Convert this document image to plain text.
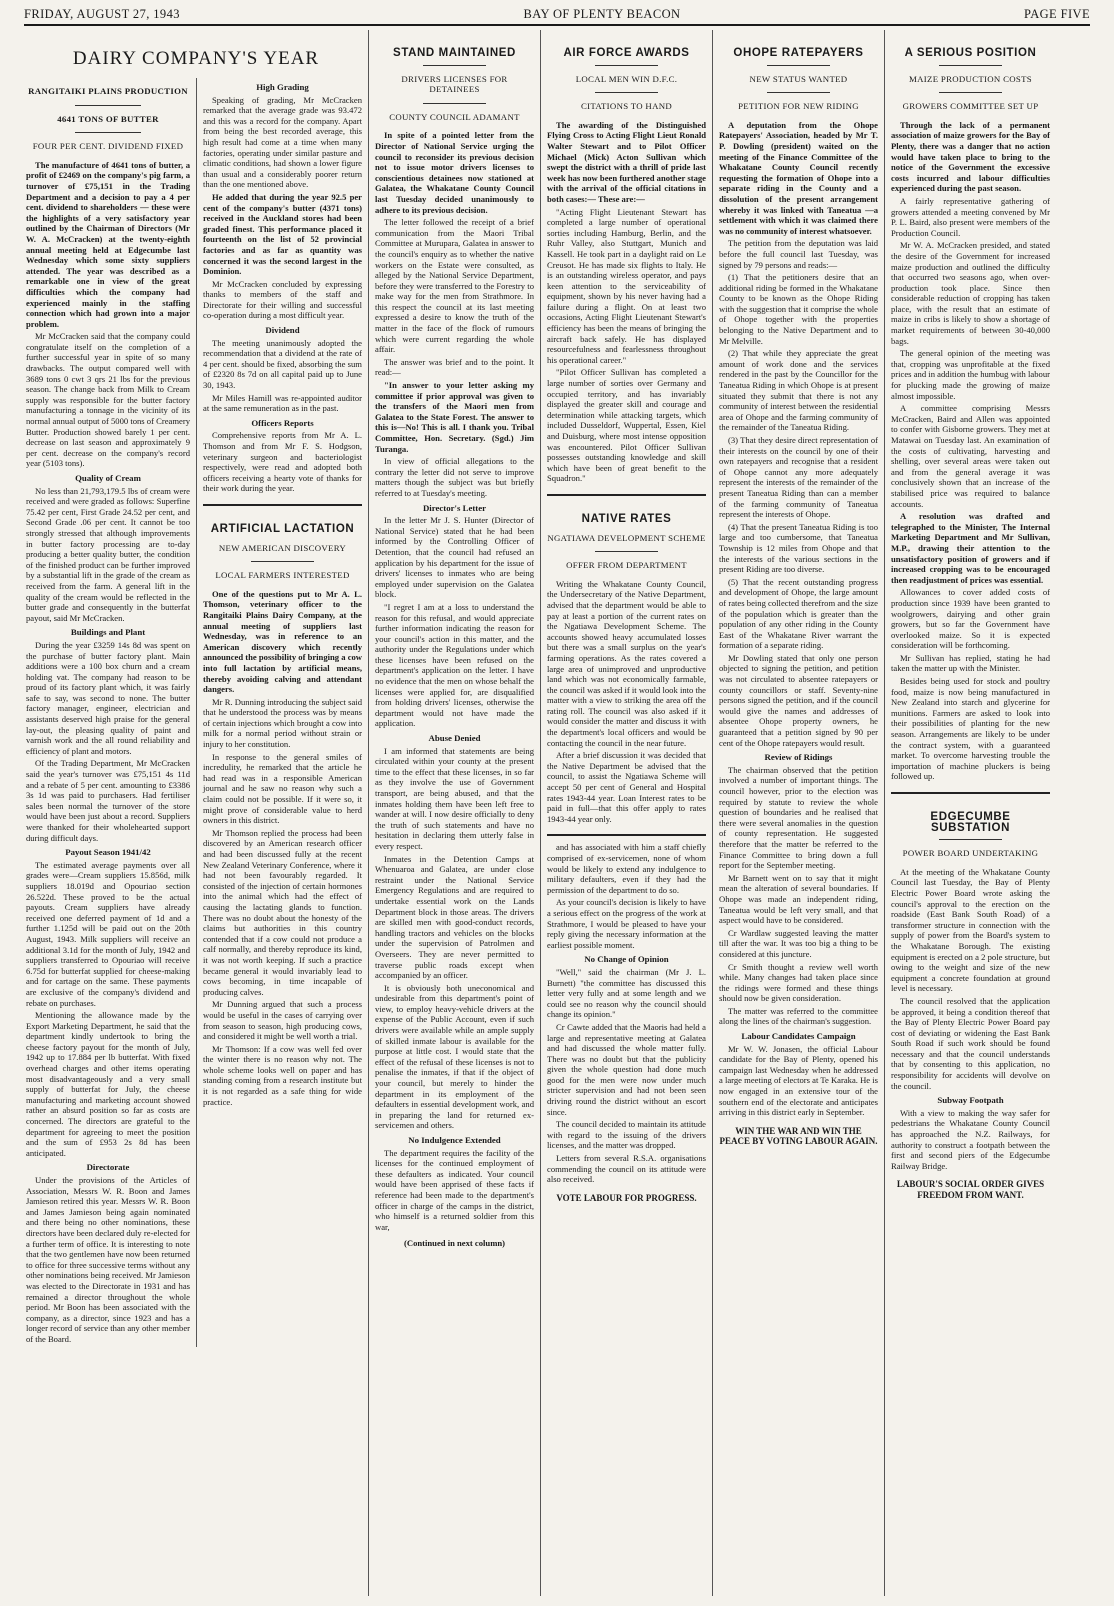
FRIDAY, AUGUST 27, 1943	BAY OF PLENTY BEACON	PAGE FIVE
DAIRY COMPANY'S YEAR
RANGITAIKI PLAINS PRODUCTION
4641 TONS OF BUTTER
FOUR PER CENT. DIVIDEND FIXED

The manufacture of 4641 tons of butter, a profit of £2469 on the company's pig farm, a turnover of £75,151 in the Trading Department and a decision to pay a 4 per cent. dividend to shareholders — these were the highlights of a very satisfactory year outlined by the Chairman of Directors (Mr W. A. McCracken) at the twenty-eighth annual meeting held at Edgecumbe last Wednesday which some sixty suppliers attended. The year was described as a remarkable one in view of the great difficulties which the company had experienced mainly in the staffing connection which had grown into a major problem.

Mr McCracken said that the company could congratulate itself on the completion of a further successful year in spite of so many drawbacks. The output compared well with 3689 tons 0 cwt 3 qrs 21 lbs for the previous season. The change back from Milk to Cream supply was responsible for the butter factory manufacturing a tonnage in the vicinity of its normal annual output of 5000 tons of Creamery Butter. Production showed barely 1 per cent. decrease on last season and approximately 9 per cent. decrease on the company's record year (5103 tons).

Quality of Cream

No less than 21,793,179.5 lbs of cream were received and were graded as follows: Superfine 75.42 per cent, First Grade 24.52 per cent, and Second Grade .06 per cent. It cannot be too strongly stressed that although improvements in butter factory processing are to-day producing a better quality butter, the condition of the finished product can be further improved by a substantial lift in the grade of the cream as received from the farm. A general lift in the quality of the cream would be reflected in the butter grade and consequently in the butterfat payout, said Mr McCracken.

Buildings and Plant

During the year £3259 14s 8d was spent on the purchase of butter factory plant. Main additions were a 100 box churn and a cream holding vat. The company had reason to be proud of its factory plant which, it was fairly safe to say, was second to none. The butter factory manager, engineer, electrician and assistants deserved high praise for the general lay-out, the pleasing quality of paint and varnish work and the all round reliability and efficiency of plant and motors.

Of the Trading Department, Mr McCracken said the year's turnover was £75,151 4s 11d and a rebate of 5 per cent. amounting to £3386 3s 1d was paid to purchasers. Had fertiliser sales been normal the turnover of the store would have been just about a record. Suppliers were thanked for their wholehearted support during difficult days.

Payout Season 1941/42

The estimated average payments over all grades were—Cream suppliers 15.856d, milk suppliers 18.019d and Opouriao section 26.522d. These proved to be the actual payouts. Cream suppliers have already received one deferred payment of 1d and a further 1.125d will be paid out on the 20th August, 1943. Milk suppliers will receive an additional 3.1d for the month of July, 1942 and suppliers transferred to Opouriao will receive 6.75d for butterfat supplied for cheese-making and for cartage on the same. These payments are exclusive of the company's dividend and rebate on purchases.

Mentioning the allowance made by the Export Marketing Department, he said that the department kindly undertook to bring the cheese factory payout for the month of July, 1942 up to 17.884 per lb butterfat. With fixed overhead charges and other items operating most disadvantageously and a very small supply of butterfat for July, the cheese manufacturing and marketing account showed rather an absurd position so far as costs are concerned. The directors are grateful to the department for agreeing to meet the position and the sum of £953 2s 8d has been anticipated.

Directorate

Under the provisions of the Articles of Association, Messrs W. R. Boon and James Jamieson retired this year. Messrs W. R. Boon and James Jamieson being again nominated and there being no other nominations, these directors have been declared duly re-elected for a further term of office. It is interesting to note that the two gentlemen have now been returned to office for three successive terms without any other nominations being received. Mr Jamieson was elected to the Directorate in 1931 and has remained a director throughout the whole period. Mr Boon has been associated with the company, as a director, since 1923 and has a longer record of service than any other member of the Board.

High Grading

Speaking of grading, Mr McCracken remarked that the average grade was 93.472 and this was a record for the company. Apart from being the best recorded average, this high result had come at a time when many factories, operating under similar pasture and climatic conditions, had shown a lower figure than usual and a considerably poorer return than the one mentioned above.

He added that during the year 92.5 per cent of the company's butter (4371 tons) received in the Auckland stores had been graded finest. This performance placed it fourteenth on the list of 52 provincial factories and as far as quantity was concerned it was the second largest in the Dominion.

Mr McCracken concluded by expressing thanks to members of the staff and Directorate for their willing and successful co-operation during a most difficult year.

Dividend

The meeting unanimously adopted the recommendation that a dividend at the rate of 4 per cent. should be fixed, absorbing the sum of £2320 8s 7d on all capital paid up to June 30, 1943.

Mr Miles Hamill was re-appointed auditor at the same remuneration as in the past.

Officers Reports

Comprehensive reports from Mr A. L. Thomson and from Mr F. S. Hodgson, veterinary surgeon and bacteriologist respectively, were read and adopted both officers receiving a hearty vote of thanks for their work during the year.

ARTIFICIAL LACTATION
NEW AMERICAN DISCOVERY
LOCAL FARMERS INTERESTED

One of the questions put to Mr A. L. Thomson, veterinary officer to the Rangitaiki Plains Dairy Company, at the annual meeting of suppliers last Wednesday, was in reference to an American discovery which recently announced the possibility of bringing a cow into full lactation by artificial means, thereby avoiding calving and attendant dangers.

Mr R. Dunning introducing the subject said that he understood the process was by means of certain injections which brought a cow into milk for a normal period without strain or injury to her constitution.

In response to the general smiles of incredulity, he remarked that the article he had read was in a responsible American journal and he saw no reason why such a claim could not be possible. If it were so, it might prove of considerable value to herd owners in this district.

Mr Thomson replied the process had been discovered by an American research officer and had been discussed fully at the recent New Zealand Veterinary Conference, where it had not been favourably regarded. It consisted of the injection of certain hormones into the animal which had the effect of causing the lactating glands to function. There was no doubt about the honesty of the claims but authorities in this country contended that if a cow could not produce a calf normally, and thereby reproduce its kind, it was not worth keeping. If such a practice became general it would invariably lead to cows becoming, in time incapable of producing calves.

Mr Dunning argued that such a process would be useful in the cases of carrying over from season to season, high producing cows, and considered it might be well worth a trial.

Mr Thomson: If a cow was well fed over the winter there is no reason why not. The whole scheme looks well on paper and has standing coming from a research institute but it is not regarded as a safe thing for wide practice.

STAND MAINTAINED
DRIVERS LICENSES FOR DETAINEES
COUNTY COUNCIL ADAMANT

In spite of a pointed letter from the Director of National Service urging the council to reconsider its previous decision not to issue motor drivers licenses to conscientious detainees now stationed at Galatea, the Whakatane County Council last Tuesday decided unanimously to adhere to its previous decision.

The letter followed the receipt of a brief communication from the Maori Tribal Committee at Murupara, Galatea in answer to the council's enquiry as to whether the native workers on the Estate were consulted, as alleged by the National Service Department, before they were transferred to the Forestry to make way for the men from Strathmore. In this respect the council at its last meeting expressed a desire to know the truth of the matter in the face of the flock of rumours which were current regarding the whole affair.

The answer was brief and to the point. It read:—

"In answer to your letter asking my committee if prior approval was given to the transfers of the Maori men from Galatea to the State Forest. The answer to this is—No! This is all. I thank you. Tribal Committee, Hon. Secretary. (Sgd.) Jim Turanga.

In view of official allegations to the contrary the letter did not serve to improve matters though the subject was but briefly referred to at Tuesday's meeting.

Director's Letter

In the letter Mr J. S. Hunter (Director of National Service) stated that he had been informed by the Controlling Officer of Detention, that the council had refused an application by his department for the issue of drivers' licenses to inmates who are being employed under supervision on the Galatea block.

"I regret I am at a loss to understand the reason for this refusal, and would appreciate further information indicating the reason for your council's action in this matter, and the authority under the Regulations under which these licenses have been refused on the department's application on the letter. I have no evidence that the men on whose behalf the licenses were applied for, are disqualified from holding drivers' licenses, otherwise the department would not have made the application.

Abuse Denied

I am informed that statements are being circulated within your county at the present time to the effect that these licenses, in so far as they involve the use of Government transport, are being abused, and that the inmates holding them have been left free to wander at will. I now desire officially to deny the truth of such statements and have no hesitation in declaring them utterly false in every respect.

Inmates in the Detention Camps at Whenuaroa and Galatea, are under close restraint under the National Service Emergency Regulations and are required to undertake essential work on the Lands Department block in those areas. The drivers are skilled men with good-conduct records, handling tractors and vehicles on the blocks under the supervision of Patrolmen and Overseers. They are never permitted to traverse public roads except when accompanied by an officer.

It is obviously both uneconomical and undesirable from this department's point of view, to employ heavy-vehicle drivers at the expense of the Public Account, even if such drivers were available while an ample supply of skilled inmate labour is available for the purpose at little cost. I would state that the effect of the refusal of these licenses is not to penalise the inmates, if that if the object of your council, but merely to hinder the department in its employment of the defaulters in essential development work, and in preparing the land for returned ex-servicemen and others.

No Indulgence Extended

The department requires the facility of the licenses for the continued employment of these defaulters as indicated. Your council would have been apprised of these facts if reference had been made to the department's officer in charge of the camps in the district, who himself is a returned soldier from this war,

(Continued in next column)
AIR FORCE AWARDS
LOCAL MEN WIN D.F.C.
CITATIONS TO HAND

The awarding of the Distinguished Flying Cross to Acting Flight Lieut Ronald Walter Stewart and to Pilot Officer Michael (Mick) Acton Sullivan which swept the district with a thrill of pride last week has now been furthered another stage with the arrival of the official citations in both cases:— These are:—

"Acting Flight Lieutenant Stewart has completed a large number of operational sorties including Hamburg, Berlin, and the Ruhr Valley, also Stuttgart, Munich and Kassell. He took part in a daylight raid on Le Creusot. He has made six flights to Italy. He is an outstanding wireless operator, and pays keen attention to the serviceability of equipment, shown by his never having had a failure during a flight. On at least two occasions, Acting Flight Lieutenant Stewart's efficiency has been the means of bringing the aircraft back safely. He has displayed resourcefulness and fearlessness throughout his operational career."

"Pilot Officer Sullivan has completed a large number of sorties over Germany and occupied territory, and has invariably displayed the greater skill and courage and determination while attacking targets, which included Dusseldorf, Wuppertal, Essen, Kiel and Duisburg, where most intense opposition was encountered. Pilot Officer Sullivan possesses outstanding knowledge and skill which have been of great benefit to the Squadron."

NATIVE RATES
NGATIAWA DEVELOPMENT SCHEME
OFFER FROM DEPARTMENT

Writing the Whakatane County Council, the Undersecretary of the Native Department, advised that the department would be able to pay at least a portion of the current rates on the Ngatiawa Development Scheme. The accounts showed heavy accumulated losses but there was a small surplus on the year's farming operations. As the rates covered a large area of unimproved and unproductive land which was not economically farmable, the council was asked if it would look into the matter with a view to striking the area off the rating roll. The council was also asked if it would consider the matter and discuss it with the department's local officers and would be contacting the council in the near future.

After a brief discussion it was decided that the Native Department be advised that the council, to assist the Ngatiawa Scheme will accept 50 per cent of General and Hospital rates 1943-44 year. Loan Interest rates to be paid in full—that this offer apply to rates 1943-44 year only.

and has associated with him a staff chiefly comprised of ex-servicemen, none of whom would be likely to extend any indulgence to military defaulters, even if they had the permission of the department to do so.

As your council's decision is likely to have a serious effect on the progress of the work at Strathmore, I would be pleased to have your reply giving the necessary information at the earliest possible moment.

No Change of Opinion

"Well," said the chairman (Mr J. L. Burnett) "the committee has discussed this letter very fully and at some length and we could see no reason why the council should change its opinion."

Cr Cawte added that the Maoris had held a large and representative meeting at Galatea and had discussed the whole matter fully. There was no doubt but that the publicity given the whole question had done much good for the men were now under much stricter supervision and had not been seen driving round the district without an escort since.

The council decided to maintain its attitude with regard to the issuing of the drivers licenses, and the matter was dropped.

Letters from several R.S.A. organisations commending the council on its attitude were also received.

VOTE LABOUR FOR PROGRESS.
OHOPE RATEPAYERS
NEW STATUS WANTED
PETITION FOR NEW RIDING

A deputation from the Ohope Ratepayers' Association, headed by Mr T. P. Dowling (president) waited on the meeting of the Finance Committee of the Whakatane County Council recently requesting the formation of Ohope into a separate riding in the County and a dissolution of the present arrangement whereby it was linked with Taneatua —a settlement with which it was claimed there was no community of interest whatsoever.

The petition from the deputation was laid before the full council last Tuesday, was signed by 79 persons and reads:—

(1) That the petitioners desire that an additional riding be formed in the Whakatane County to be known as the Ohope Riding with the suggestion that it comprise the whole of Ohope together with the properties belonging to the Native Department and to Mr Melville.

(2) That while they appreciate the great amount of work done and the services rendered in the past by the Councillor for the Taneatua Riding in which Ohope is at present situated they submit that there is not any community of interest between the residential area of Ohope and the farming community of the remainder of the Taneatua Riding.

(3) That they desire direct representation of their interests on the council by one of their own ratepayers and recognise that a resident of Ohope cannot any more adequately represent the interests of the remainder of the present Taneatua Riding than can a member of the farming community of Taneatua represent the interests of Ohope.

(4) That the present Taneatua Riding is too large and too cumbersome, that Taneatua Township is 12 miles from Ohope and that the interests of the various sections in the present Riding are too diverse.

(5) That the recent outstanding progress and development of Ohope, the large amount of rates being collected therefrom and the size of the population which is greater than the population of any other riding in the County East of the Whakatane River warrant the formation of a separate riding.

Mr Dowling stated that only one person objected to signing the petition, and petition was not circulated to absentee ratepayers or county councillors or staff. Seventy-nine persons signed the petition, and if the council would give the names and addresses of absentee Ohope property owners, he guaranteed that a petition signed by 90 per cent of the Ohope ratepayers would result.

Review of Ridings

The chairman observed that the petition involved a number of important things. The council however, prior to the election was required by statute to review the whole question of boundaries and he realised that there were several anomalies in the question of county representation. He suggested therefore that the matter be referred to the Finance Committee to bring down a full report for the September meeting.

Mr Barnett went on to say that it might mean the alteration of several boundaries. If Ohope was made an independent riding, Taneatua would be left very small, and that aspect would have to be considered.

Cr Wardlaw suggested leaving the matter till after the war. It was too big a thing to be considered at this juncture.

Cr Smith thought a review well worth while. Many changes had taken place since the ridings were formed and these things should now be given consideration.

The matter was referred to the committee along the lines of the chairman's suggestion.

Labour Candidates Campaign

Mr W. W. Jonasen, the official Labour candidate for the Bay of Plenty, opened his campaign last Wednesday when he addressed a large meeting of electors at Te Karaka. He is now engaged in an extensive tour of the southern end of the electorate and anticipates arriving in this district early in September.

WIN THE WAR AND WIN THE PEACE BY VOTING LABOUR AGAIN.
A SERIOUS POSITION
MAIZE PRODUCTION COSTS
GROWERS COMMITTEE SET UP

Through the lack of a permanent association of maize growers for the Bay of Plenty, there was a danger that no action would have taken place to bring to the notice of the Government the excessive costs incurred and labour difficulties experienced during the past season.

A fairly representative gathering of growers attended a meeting convened by Mr P. L. Baird, also present were members of the Production Council.

Mr W. A. McCracken presided, and stated the desire of the Government for increased maize production and outlined the difficulty that occurred two seasons ago, when over-production took place. Since then considerable reduction of cropping has taken place, with the result that an estimate of maize in cribs is likely to show a shortage of market requirements of between 30-40,000 bags.

The general opinion of the meeting was that, cropping was unprofitable at the fixed prices and in addition the humbug with labour for plucking made the growing of maize almost impossible.

A committee comprising Messrs McCracken, Baird and Allen was appointed to confer with Gisborne growers. They met at Matawai on Tuesday last. An examination of the costs of cultivating, harvesting and shelling, over several areas were taken out and from the general average it was conclusively shown that an increase of the stabilised price was required to balance accounts.

A resolution was drafted and telegraphed to the Minister, The Internal Marketing Department and Mr Sullivan, M.P., drawing their attention to the unsatisfactory position of growers and if increased cropping was to be encouraged then readjustment of prices was essential.

Allowances to cover added costs of production since 1939 have been granted to woolgrowers, dairying and other grain growers, but so far the Government have overlooked maize. So it is expected consideration will be forthcoming.

Mr Sullivan has replied, stating he had taken the matter up with the Minister.

Besides being used for stock and poultry food, maize is now being manufactured in New Zealand into starch and glycerine for munitions. Farmers are asked to look into their possibilities of planting for the new season. Arrangements are likely to be under the contract system, with a guaranteed market. To overcome harvesting trouble the importation of machine pluckers is being followed up.

EDGECUMBE SUBSTATION
POWER BOARD UNDERTAKING

At the meeting of the Whakatane County Council last Tuesday, the Bay of Plenty Electric Power Board wrote asking the council's approval to the erection on the roadside (East Bank South Road) of a transformer structure in connection with the supply of power from the Board's system to the Whakatane Borough. The existing equipment is erected on a 2 pole structure, but owing to the weight and size of the new equipment a concrete foundation at ground level is necessary.

The council resolved that the application be approved, it being a condition thereof that the Bay of Plenty Electric Power Board pay cost of deviating or widening the East Bank South Road if such work should be found necessary and that the council understands that by consenting to this application, no responsibility for accidents will devolve on the council.

Subway Footpath

With a view to making the way safer for pedestrians the Whakatane County Council has approached the N.Z. Railways, for authority to construct a footpath between the first and second piers of the Edgecumbe Railway Bridge.

LABOUR'S SOCIAL ORDER GIVES FREEDOM FROM WANT.
